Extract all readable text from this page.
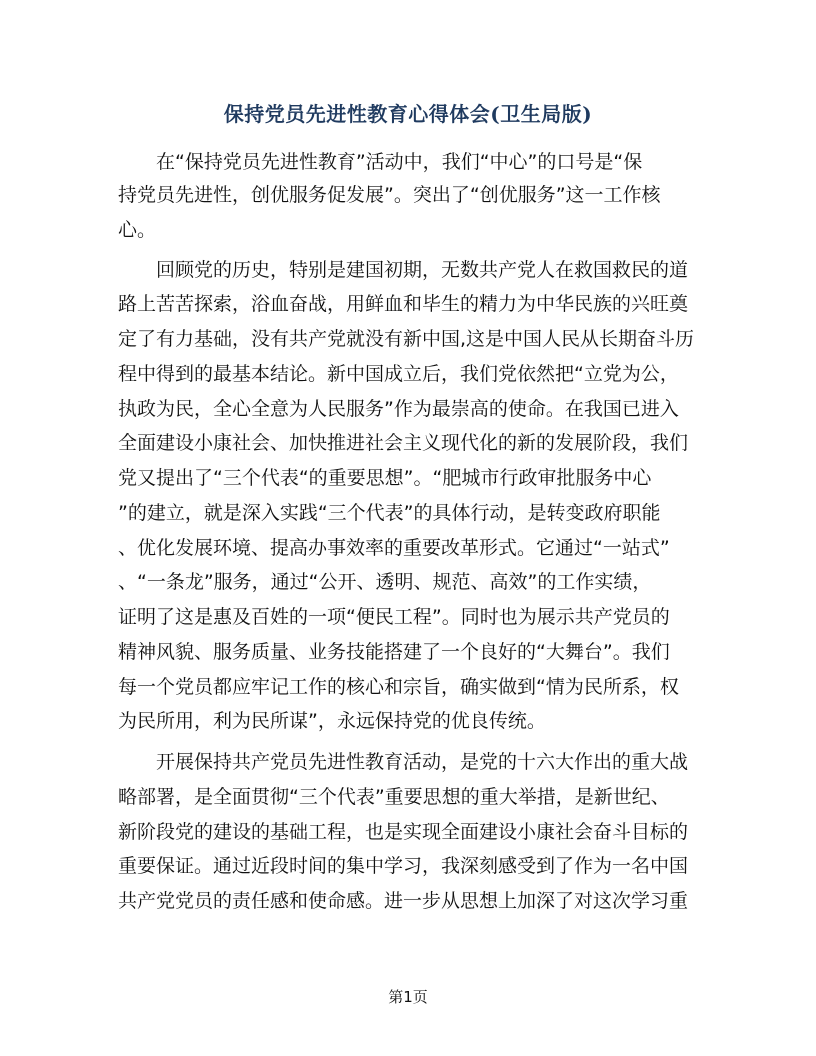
保持党员先进性教育心得体会(卫生局版)
　　在“保持党员先进性教育”活动中，我们“中心”的口号是“保
持党员先进性，创优服务促发展”。突出了“创优服务”这一工作核
心。
　　回顾党的历史，特别是建国初期，无数共产党人在救国救民的道
路上苦苦探索，浴血奋战，用鲜血和毕生的精力为中华民族的兴旺奠
定了有力基础，没有共产党就没有新中国,这是中国人民从长期奋斗历
程中得到的最基本结论。新中国成立后，我们党依然把“立党为公，
执政为民，全心全意为人民服务”作为最崇高的使命。在我国已进入
全面建设小康社会、加快推进社会主义现代化的新的发展阶段，我们
党又提出了“三个代表“的重要思想”。“肥城市行政审批服务中心
”的建立，就是深入实践“三个代表”的具体行动，是转变政府职能
、优化发展环境、提高办事效率的重要改革形式。它通过“一站式”
、“一条龙”服务，通过“公开、透明、规范、高效”的工作实绩，
证明了这是惠及百姓的一项“便民工程”。同时也为展示共产党员的
精神风貌、服务质量、业务技能搭建了一个良好的“大舞台”。我们
每一个党员都应牢记工作的核心和宗旨，确实做到“情为民所系，权
为民所用，利为民所谋”，永远保持党的优良传统。
　　开展保持共产党员先进性教育活动，是党的十六大作出的重大战
略部署，是全面贯彻“三个代表”重要思想的重大举措，是新世纪、
新阶段党的建设的基础工程，也是实现全面建设小康社会奋斗目标的
重要保证。通过近段时间的集中学习，我深刻感受到了作为一名中国
共产党党员的责任感和使命感。进一步从思想上加深了对这次学习重
第1页
